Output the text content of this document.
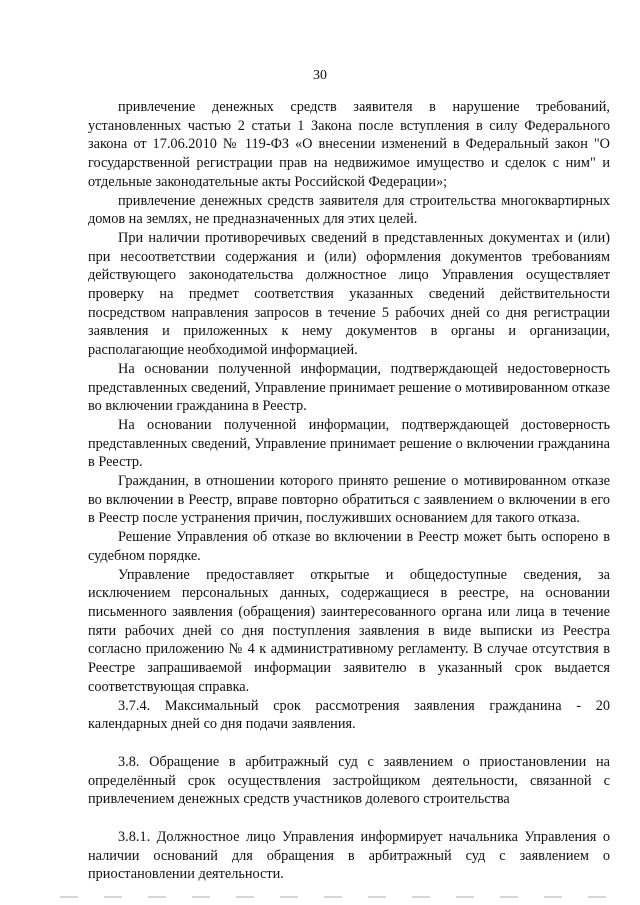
30

привлечение денежных средств заявителя в нарушение требований, установленных частью 2 статьи 1 Закона после вступления в силу Федерального закона от 17.06.2010 № 119-ФЗ «О внесении изменений в Федеральный закон "О государственной регистрации прав на недвижимое имущество и сделок с ним" и отдельные законодательные акты Российской Федерации»;

привлечение денежных средств заявителя для строительства многоквартирных домов на землях, не предназначенных для этих целей.

При наличии противоречивых сведений в представленных документах и (или) при несоответствии содержания и (или) оформления документов требованиям действующего законодательства должностное лицо Управления осуществляет проверку на предмет соответствия указанных сведений действительности посредством направления запросов в течение 5 рабочих дней со дня регистрации заявления и приложенных к нему документов в органы и организации, располагающие необходимой информацией.

На основании полученной информации, подтверждающей недостоверность представленных сведений, Управление принимает решение о мотивированном отказе во включении гражданина в Реестр.

На основании полученной информации, подтверждающей достоверность представленных сведений, Управление принимает решение о включении гражданина в Реестр.

Гражданин, в отношении которого принято решение о мотивированном отказе во включении в Реестр, вправе повторно обратиться с заявлением о включении в его в Реестр после устранения причин, послуживших основанием для такого отказа.

Решение Управления об отказе во включении в Реестр может быть оспорено в судебном порядке.

Управление предоставляет открытые и общедоступные сведения, за исключением персональных данных, содержащиеся в реестре, на основании письменного заявления (обращения) заинтересованного органа или лица в течение пяти рабочих дней со дня поступления заявления в виде выписки из Реестра согласно приложению № 4 к административному регламенту. В случае отсутствия в Реестре запрашиваемой информации заявителю в указанный срок выдается соответствующая справка.

3.7.4. Максимальный срок рассмотрения заявления гражданина - 20 календарных дней со дня подачи заявления.

3.8. Обращение в арбитражный суд с заявлением о приостановлении на определённый срок осуществления застройщиком деятельности, связанной с привлечением денежных средств участников долевого строительства

3.8.1. Должностное лицо Управления информирует начальника Управления о наличии оснований для обращения в арбитражный суд с заявлением о приостановлении деятельности.
